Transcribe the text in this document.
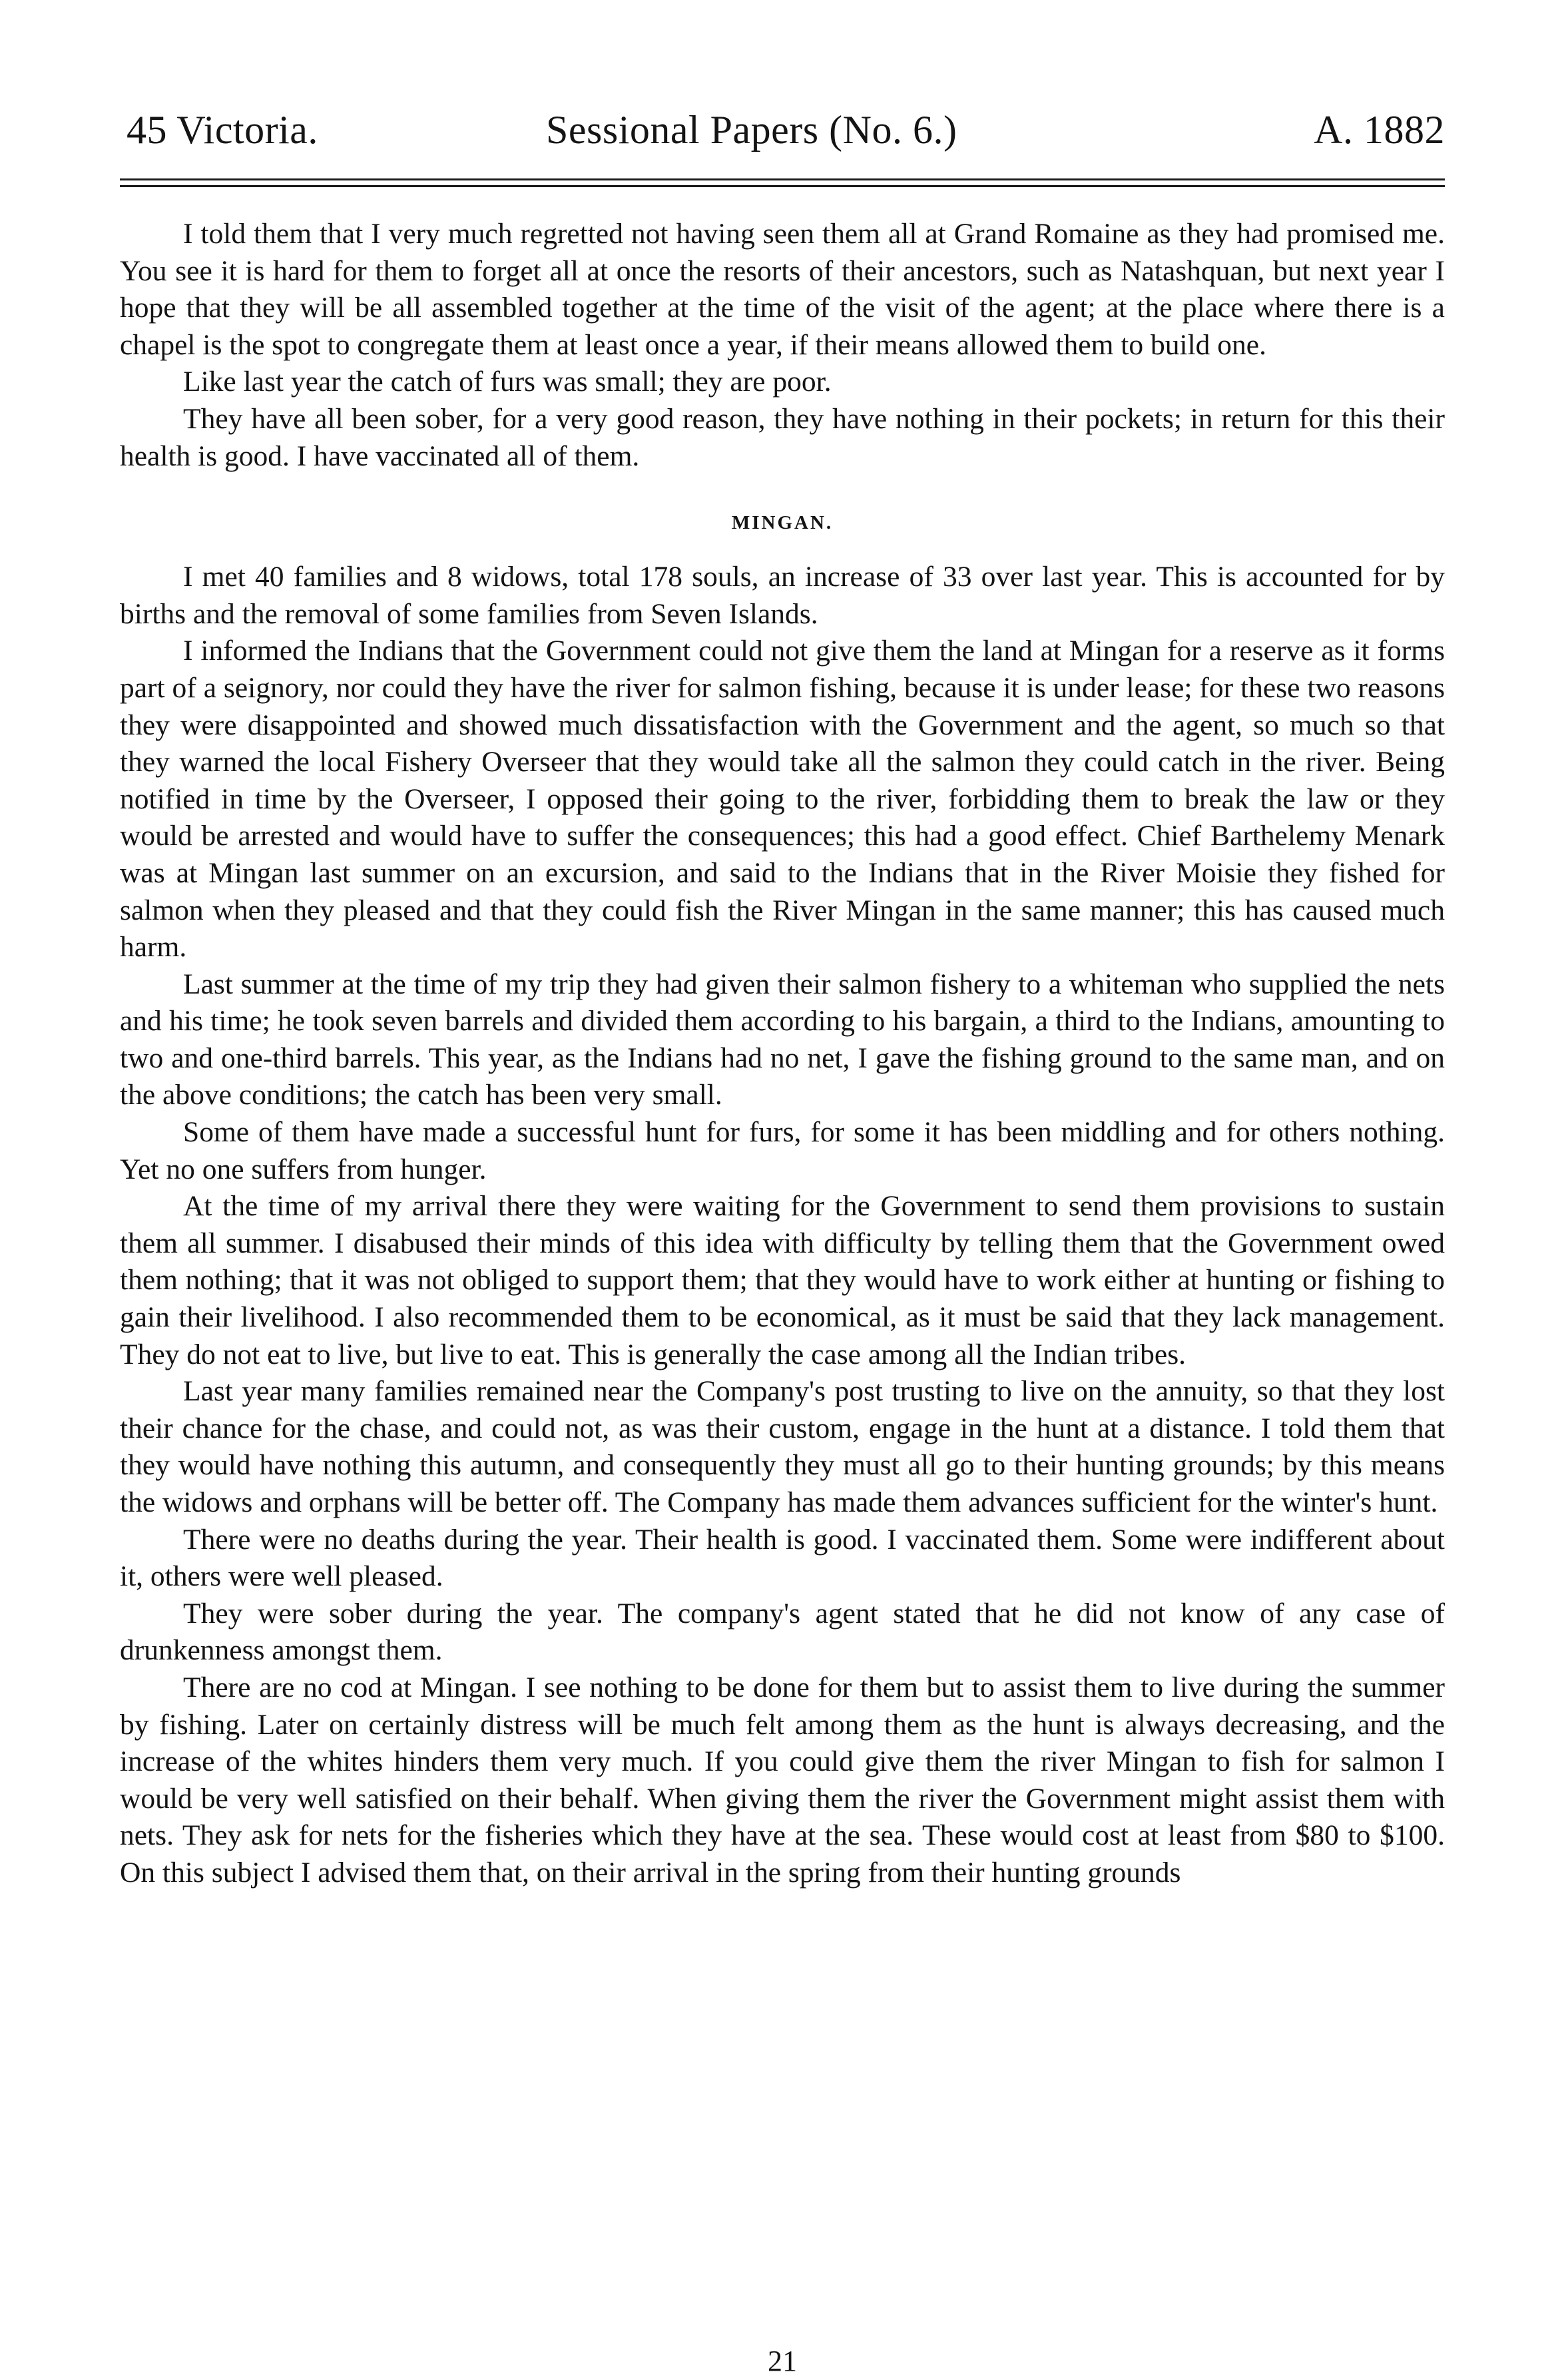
45 Victoria.	Sessional Papers (No. 6.)	A. 1882

I told them that I very much regretted not having seen them all at Grand Romaine as they had promised me. You see it is hard for them to forget all at once the resorts of their ancestors, such as Natashquan, but next year I hope that they will be all assembled together at the time of the visit of the agent; at the place where there is a chapel is the spot to congregate them at least once a year, if their means allowed them to build one.

Like last year the catch of furs was small; they are poor.

They have all been sober, for a very good reason, they have nothing in their pockets; in return for this their health is good. I have vaccinated all of them.

MINGAN.

I met 40 families and 8 widows, total 178 souls, an increase of 33 over last year. This is accounted for by births and the removal of some families from Seven Islands.

I informed the Indians that the Government could not give them the land at Mingan for a reserve as it forms part of a seignory, nor could they have the river for salmon fishing, because it is under lease; for these two reasons they were disappointed and showed much dissatisfaction with the Government and the agent, so much so that they warned the local Fishery Overseer that they would take all the salmon they could catch in the river. Being notified in time by the Overseer, I opposed their going to the river, forbidding them to break the law or they would be arrested and would have to suffer the consequences; this had a good effect. Chief Barthelemy Menark was at Mingan last summer on an excursion, and said to the Indians that in the River Moisie they fished for salmon when they pleased and that they could fish the River Mingan in the same manner; this has caused much harm.

Last summer at the time of my trip they had given their salmon fishery to a whiteman who supplied the nets and his time; he took seven barrels and divided them according to his bargain, a third to the Indians, amounting to two and one-third barrels. This year, as the Indians had no net, I gave the fishing ground to the same man, and on the above conditions; the catch has been very small.

Some of them have made a successful hunt for furs, for some it has been middling and for others nothing. Yet no one suffers from hunger.

At the time of my arrival there they were waiting for the Government to send them provisions to sustain them all summer. I disabused their minds of this idea with difficulty by telling them that the Government owed them nothing; that it was not obliged to support them; that they would have to work either at hunting or fishing to gain their livelihood. I also recommended them to be economical, as it must be said that they lack management. They do not eat to live, but live to eat. This is generally the case among all the Indian tribes.

Last year many families remained near the Company's post trusting to live on the annuity, so that they lost their chance for the chase, and could not, as was their custom, engage in the hunt at a distance. I told them that they would have nothing this autumn, and consequently they must all go to their hunting grounds; by this means the widows and orphans will be better off. The Company has made them advances sufficient for the winter's hunt.

There were no deaths during the year. Their health is good. I vaccinated them. Some were indifferent about it, others were well pleased.

They were sober during the year. The company's agent stated that he did not know of any case of drunkenness amongst them.

There are no cod at Mingan. I see nothing to be done for them but to assist them to live during the summer by fishing. Later on certainly distress will be much felt among them as the hunt is always decreasing, and the increase of the whites hinders them very much. If you could give them the river Mingan to fish for salmon I would be very well satisfied on their behalf. When giving them the river the Government might assist them with nets. They ask for nets for the fisheries which they have at the sea. These would cost at least from $80 to $100. On this subject I advised them that, on their arrival in the spring from their hunting grounds

21
